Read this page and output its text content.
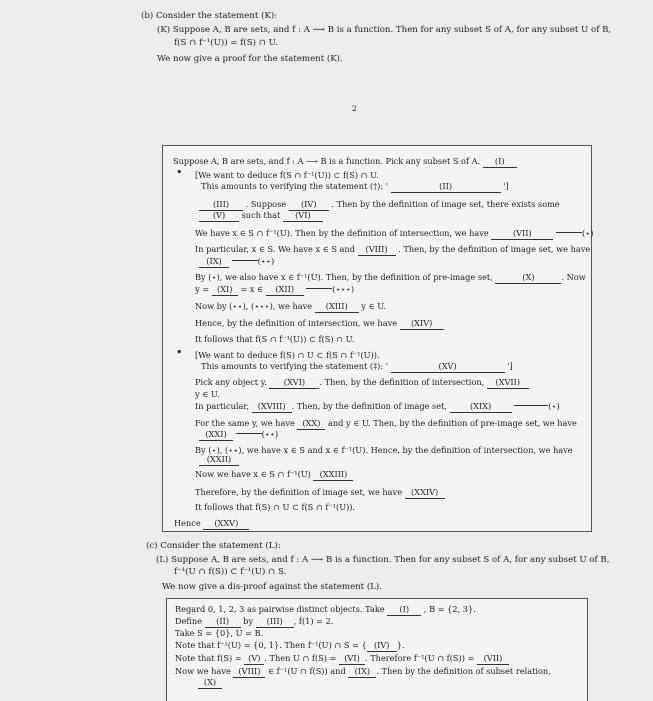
(b) Consider the statement (K):
(K) Suppose A, B are sets, and f : A ⟶ B is a function. Then for any subset S of A, for any subset U of B,
f(S ∩ f⁻¹(U)) = f(S) ∩ U.
We now give a proof for the statement (K).
2
Suppose A, B are sets, and f : A ⟶ B is a function. Pick any subset S of A. (I)
• [We want to deduce f(S ∩ f⁻¹(U)) ⊂ f(S) ∩ U.
This amounts to verifying the statement (†): '	(II)	']
(III) . Suppose (IV) . Then by the definition of image set, there exists some
(V) such that (VI)
We have x ∈ S ∩ f⁻¹(U). Then by the definition of intersection, we have	(VII)	(⋆)
In particular, x ∈ S. We have x ∈ S and (VIII) . Then, by the definition of image set, we have
(IX)	(⋆⋆)
By (⋆), we also have x ∈ f⁻¹(U). Then, by the definition of pre-image set,	(X)	. Now
y = (XI) = x ∈ (XII)	(⋆⋆⋆)
Now by (⋆⋆), (⋆⋆⋆), we have (XIII) y ∈ U.
Hence, by the definition of intersection, we have (XIV)
It follows that f(S ∩ f⁻¹(U)) ⊂ f(S) ∩ U.
• [We want to deduce f(S) ∩ U ⊂ f(S ∩ f⁻¹(U)).
This amounts to verifying the statement (‡): '	(XV)	']
Pick any object y. (XVI) . Then, by the definition of intersection, (XVII)
y ∈ U.
In particular, (XVIII) . Then, by the definition of image set,	(XIX)	(⋆)
For the same y, we have (XX) and y ∈ U. Then, by the definition of pre-image set, we have
(XXI)	(⋆⋆)
By (⋆), (⋆⋆), we have x ∈ S and x ∈ f⁻¹(U). Hence, by the definition of intersection, we have
(XXII)
Now we have x ∈ S ∩ f⁻¹(U) (XXIII)
Therefore, by the definition of image set, we have (XXIV)
It follows that f(S) ∩ U ⊂ f(S ∩ f⁻¹(U)).
Hence (XXV)
(c) Consider the statement (L):
(L) Suppose A, B are sets, and f : A ⟶ B is a function. Then for any subset S of A, for any subset U of B,
f⁻¹(U ∩ f(S)) ⊂ f⁻¹(U) ∩ S.
We now give a dis-proof against the statement (L).
Regard 0, 1, 2, 3 as pairwise distinct objects. Take (I) , B = {2, 3}.
Define (II) by (III) , f(1) = 2.
Take S = {0}, U = B.
Note that f⁻¹(U) = {0, 1}. Then f⁻¹(U) ∩ S = { (IV) }.
Note that f(S) = (V) . Then U ∩ f(S) = (VI) . Therefore f⁻¹(U ∩ f(S)) = (VII)
Now we have (VIII) ∈ f⁻¹(U ∩ f(S)) and (IX) . Then by the definition of subset relation,
(X)
